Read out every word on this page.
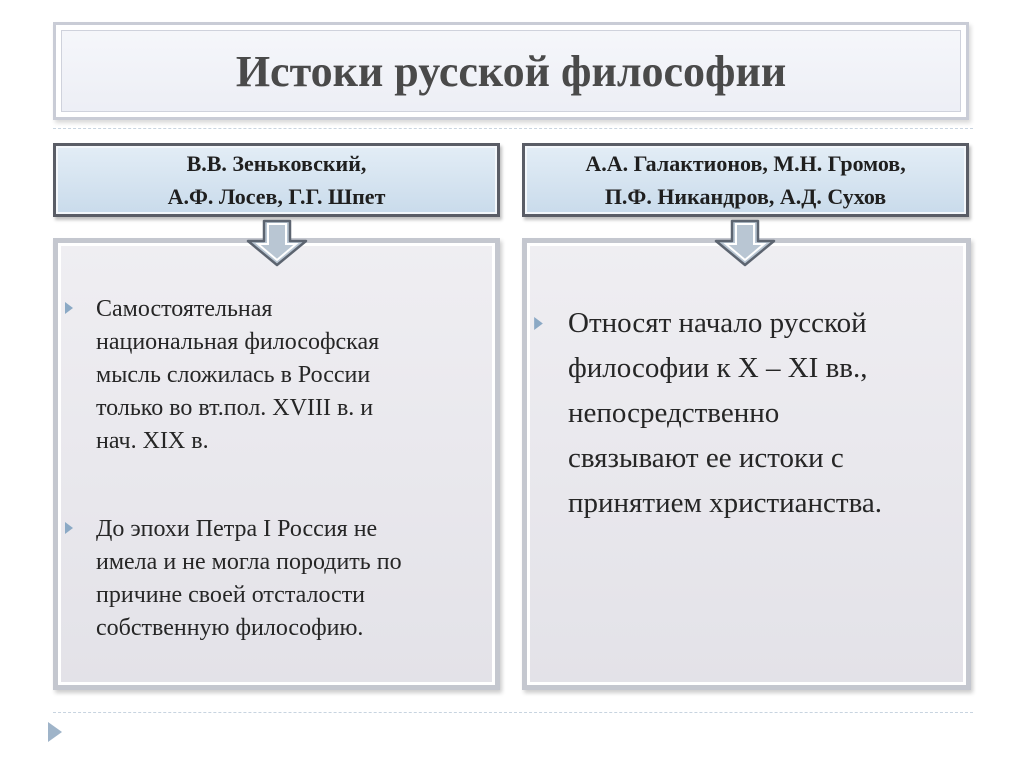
Истоки русской философии
В.В. Зеньковский,
А.Ф. Лосев, Г.Г. Шпет
А.А. Галактионов, М.Н. Громов,
П.Ф. Никандров, А.Д. Сухов
Самостоятельная
национальная философская
мысль сложилась в России
только во вт.пол. XVIII в. и
нач. XIX в.
До эпохи Петра I Россия не
имела и не могла породить по
причине своей отсталости
собственную философию.
Относят начало русской
философии к X – XI вв.,
непосредственно
связывают ее истоки с
принятием христианства.
